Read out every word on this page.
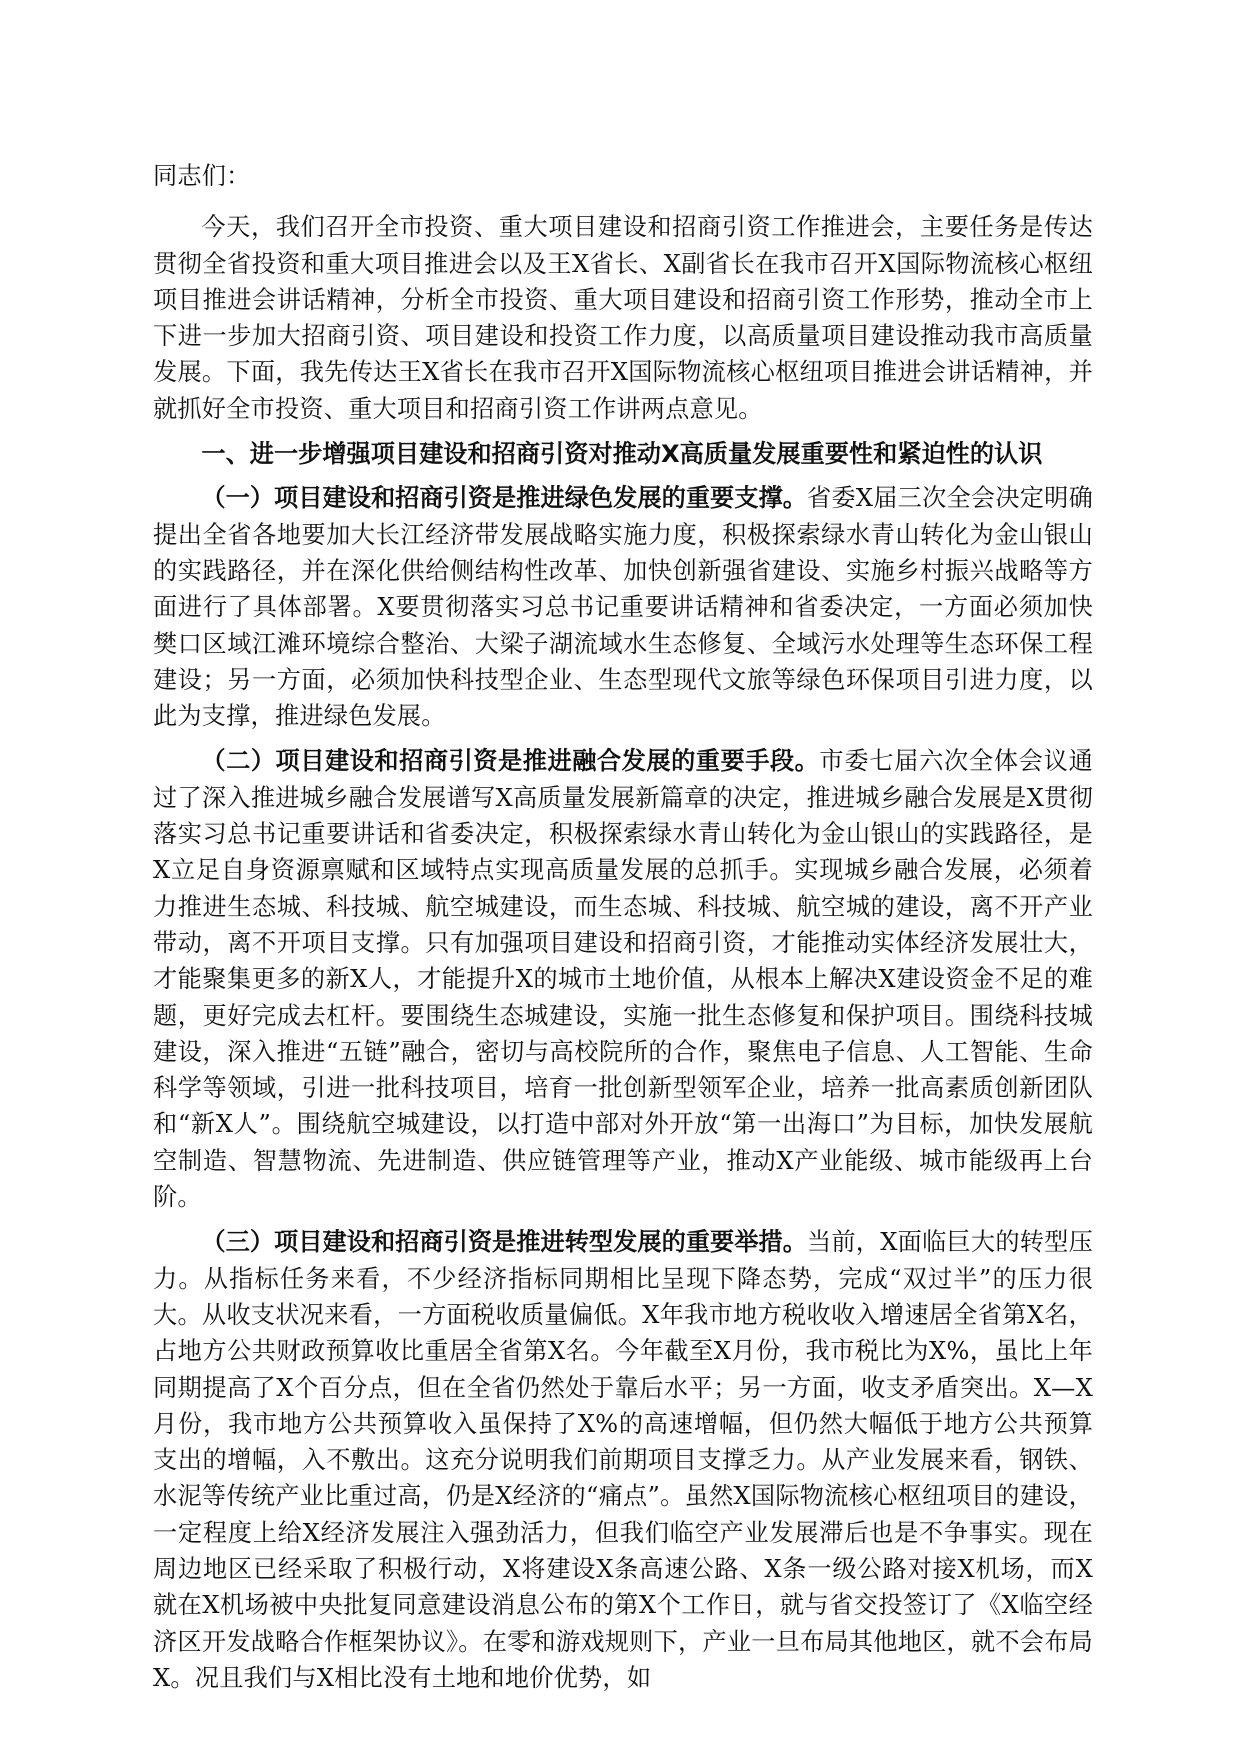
同志们：

今天，我们召开全市投资、重大项目建设和招商引资工作推进会，主要任务是传达贯彻全省投资和重大项目推进会以及王X省长、X副省长在我市召开X国际物流核心枢纽项目推进会讲话精神，分析全市投资、重大项目建设和招商引资工作形势，推动全市上下进一步加大招商引资、项目建设和投资工作力度，以高质量项目建设推动我市高质量发展。下面，我先传达王X省长在我市召开X国际物流核心枢纽项目推进会讲话精神，并就抓好全市投资、重大项目和招商引资工作讲两点意见。

一、进一步增强项目建设和招商引资对推动X高质量发展重要性和紧迫性的认识

（一）项目建设和招商引资是推进绿色发展的重要支撑。省委X届三次全会决定明确提出全省各地要加大长江经济带发展战略实施力度，积极探索绿水青山转化为金山银山的实践路径，并在深化供给侧结构性改革、加快创新强省建设、实施乡村振兴战略等方面进行了具体部署。X要贯彻落实习总书记重要讲话精神和省委决定，一方面必须加快樊口区域江滩环境综合整治、大梁子湖流域水生态修复、全域污水处理等生态环保工程建设；另一方面，必须加快科技型企业、生态型现代文旅等绿色环保项目引进力度，以此为支撑，推进绿色发展。

（二）项目建设和招商引资是推进融合发展的重要手段。市委七届六次全体会议通过了深入推进城乡融合发展谱写X高质量发展新篇章的决定，推进城乡融合发展是X贯彻落实习总书记重要讲话和省委决定，积极探索绿水青山转化为金山银山的实践路径，是X立足自身资源禀赋和区域特点实现高质量发展的总抓手。实现城乡融合发展，必须着力推进生态城、科技城、航空城建设，而生态城、科技城、航空城的建设，离不开产业带动，离不开项目支撑。只有加强项目建设和招商引资，才能推动实体经济发展壮大，才能聚集更多的新X人，才能提升X的城市土地价值，从根本上解决X建设资金不足的难题，更好完成去杠杆。要围绕生态城建设，实施一批生态修复和保护项目。围绕科技城建设，深入推进“五链”融合，密切与高校院所的合作，聚焦电子信息、人工智能、生命科学等领域，引进一批科技项目，培育一批创新型领军企业，培养一批高素质创新团队和“新X人”。围绕航空城建设，以打造中部对外开放“第一出海口”为目标，加快发展航空制造、智慧物流、先进制造、供应链管理等产业，推动X产业能级、城市能级再上台阶。

（三）项目建设和招商引资是推进转型发展的重要举措。当前，X面临巨大的转型压力。从指标任务来看，不少经济指标同期相比呈现下降态势，完成“双过半”的压力很大。从收支状况来看，一方面税收质量偏低。X年我市地方税收收入增速居全省第X名，占地方公共财政预算收比重居全省第X名。今年截至X月份，我市税比为X%，虽比上年同期提高了X个百分点，但在全省仍然处于靠后水平；另一方面，收支矛盾突出。X—X月份，我市地方公共预算收入虽保持了X%的高速增幅，但仍然大幅低于地方公共预算支出的增幅，入不敷出。这充分说明我们前期项目支撑乏力。从产业发展来看，钢铁、水泥等传统产业比重过高，仍是X经济的“痛点”。虽然X国际物流核心枢纽项目的建设，一定程度上给X经济发展注入强劲活力，但我们临空产业发展滞后也是不争事实。现在周边地区已经采取了积极行动，X将建设X条高速公路、X条一级公路对接X机场，而X就在X机场被中央批复同意建设消息公布的第X个工作日，就与省交投签订了《X临空经济区开发战略合作框架协议》。在零和游戏规则下，产业一旦布局其他地区，就不会布局X。况且我们与X相比没有土地和地价优势，如
